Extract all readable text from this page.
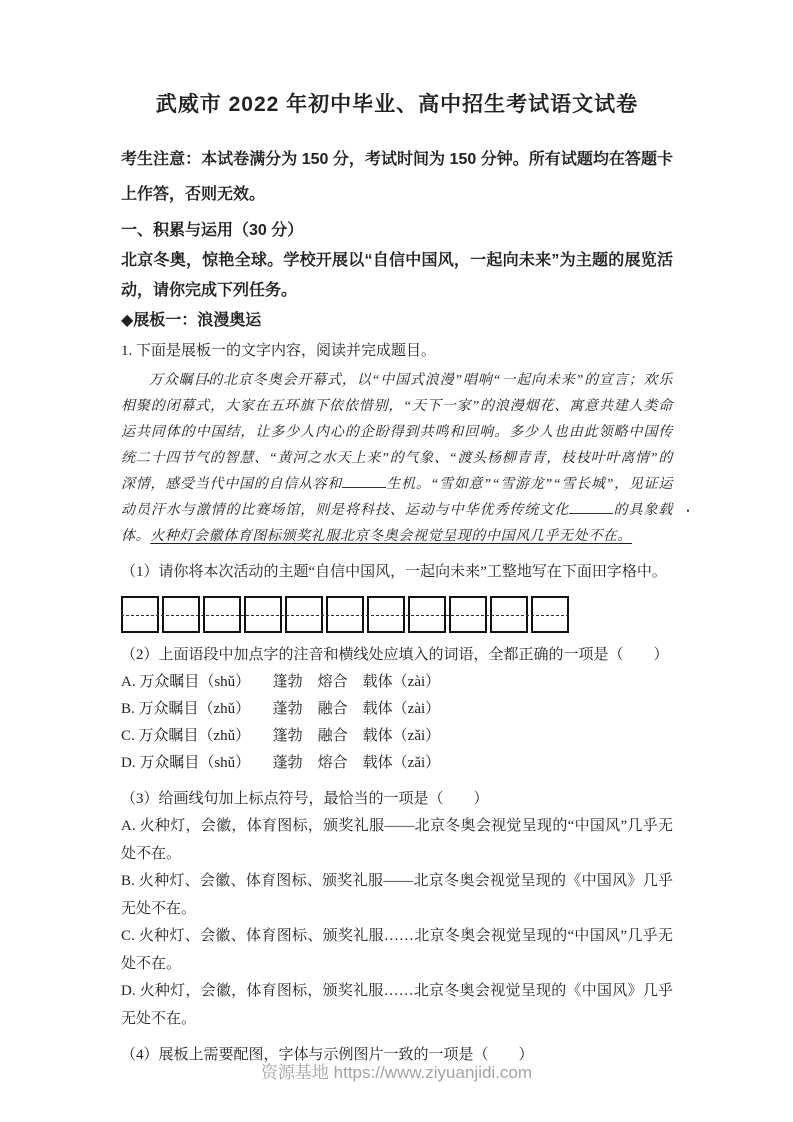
武威市 2022 年初中毕业、高中招生考试语文试卷

考生注意：本试卷满分为 150 分，考试时间为 150 分钟。所有试题均在答题卡上作答，否则无效。

一、积累与运用（30 分）

北京冬奥，惊艳全球。学校开展以“自信中国风，一起向未来”为主题的展览活动，请你完成下列任务。

◆展板一：浪漫奥运

1. 下面是展板一的文字内容，阅读并完成题目。

万众瞩 •目的北京冬奥会开幕式，以“中国式浪漫”唱响“一起向未来”的宣言；欢乐相聚的闭幕式，大家在五环旗下依依惜别，“天下一家”的浪漫烟花、寓意共建人类命运共同体的中国结，让多少人内心的企盼得到共鸣和回响。多少人也由此领略中国传统二十四节气的智慧、“黄河之水天上来”的气象、“渡头杨柳青青，枝枝叶叶离情”的深情，感受当代中国的自信从容和	生机。“雪如意”“雪游龙”“雪长城”，见证运动员汗水与激情的比赛场馆，则是将科技、运动与中华优秀传统文化	的具象载 •体。火种灯会徽体育图标颁奖礼服北京冬奥会视觉呈现的中国风几乎无处不在。

（1）请你将本次活动的主题“自信中国风，一起向未来”工整地写在下面田字格中。

（2）上面语段中加点字的注音和横线处应填入的词语，全都正确的一项是（　　）

A. 万众瞩目（shǔ）　　篷勃　熔合　载体（zài）

B. 万众瞩目（zhǔ）　　蓬勃　融合　载体（zài）

C. 万众瞩目（zhǔ）　　篷勃　融合　载体（zǎi）

D. 万众瞩目（shǔ）　　蓬勃　熔合　载体（zǎi）

（3）给画线句加上标点符号，最恰当的一项是（　　）

A. 火种灯，会徽，体育图标，颁奖礼服——北京冬奥会视觉呈现的“中国风”几乎无处不在。

B. 火种灯、会徽、体育图标、颁奖礼服——北京冬奥会视觉呈现的《中国风》几乎无处不在。

C. 火种灯、会徽、体育图标、颁奖礼服……北京冬奥会视觉呈现的“中国风”几乎无处不在。

D. 火种灯，会徽，体育图标，颁奖礼服……北京冬奥会视觉呈现的《中国风》几乎无处不在。

（4）展板上需要配图，字体与示例图片一致的一项是（　　）

资源基地 https://www.ziyuanjidi.com
